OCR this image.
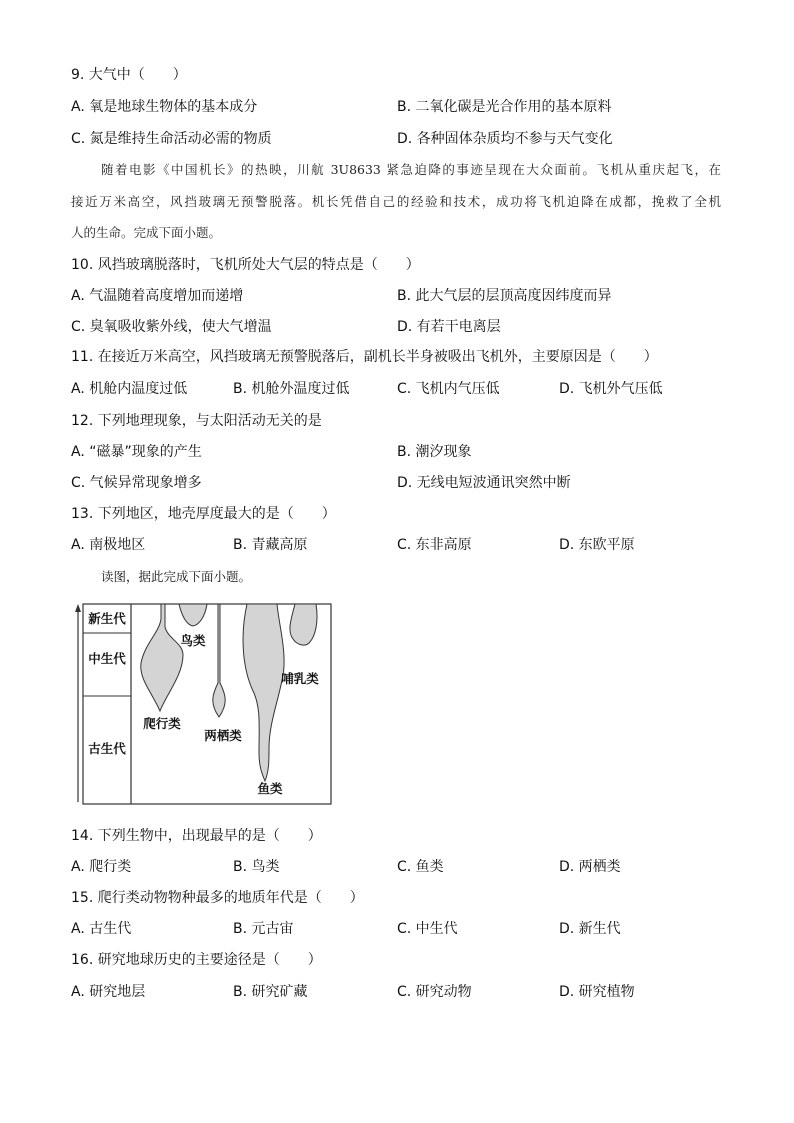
9. 大气中（　　）
A. 氧是地球生物体的基本成分	B. 二氧化碳是光合作用的基本原料
C. 氮是维持生命活动必需的物质	D. 各种固体杂质均不参与天气变化

随着电影《中国机长》的热映，川航 3U8633 紧急迫降的事迹呈现在大众面前。飞机从重庆起飞，在

接近万米高空，风挡玻璃无预警脱落。机长凭借自己的经验和技术，成功将飞机迫降在成都，挽救了全机

人的生命。完成下面小题。

10. 风挡玻璃脱落时，飞机所处大气层的特点是（　　）
A. 气温随着高度增加而递增	B. 此大气层的层顶高度因纬度而异
C. 臭氧吸收紫外线，使大气增温	D. 有若干电离层
11. 在接近万米高空，风挡玻璃无预警脱落后，副机长半身被吸出飞机外，主要原因是（　　）
A. 机舱内温度过低	B. 机舱外温度过低	C. 飞机内气压低	D. 飞机外气压低
12. 下列地理现象，与太阳活动无关的是
A. “磁暴”现象的产生	B. 潮汐现象
C. 气候异常现象增多	D. 无线电短波通讯突然中断
13. 下列地区，地壳厚度最大的是（　　）
A. 南极地区	B. 青藏高原	C. 东非高原	D. 东欧平原
读图，据此完成下面小题。
新生代
中生代
古生代
鸟类
哺乳类
爬行类
两栖类
鱼类
14. 下列生物中，出现最早的是（　　）
A. 爬行类	B. 鸟类	C. 鱼类	D. 两栖类
15. 爬行类动物物种最多的地质年代是（　　）
A. 古生代	B. 元古宙	C. 中生代	D. 新生代
16. 研究地球历史的主要途径是（　　）
A. 研究地层	B. 研究矿藏	C. 研究动物	D. 研究植物
